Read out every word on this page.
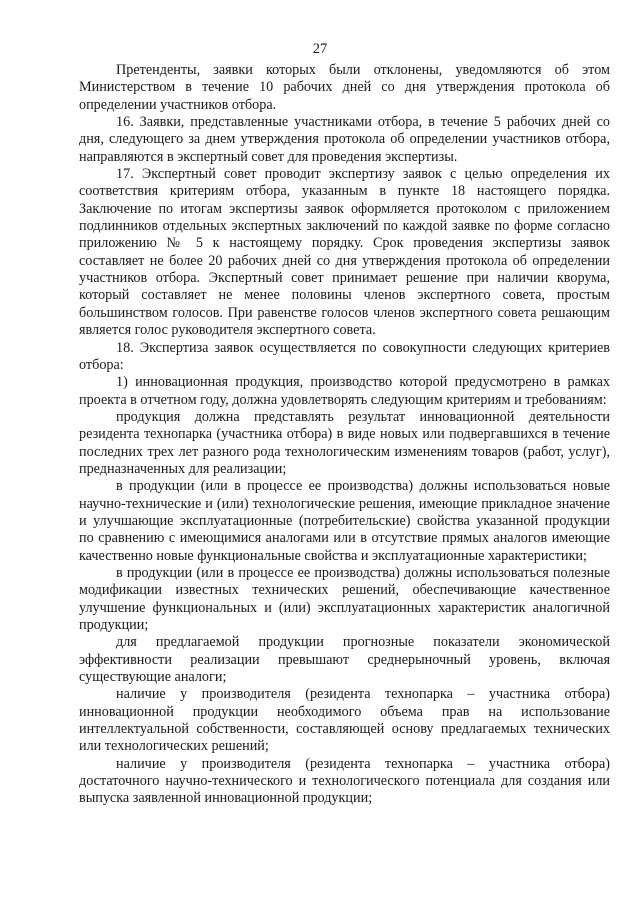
27

Претенденты, заявки которых были отклонены, уведомляются об этом Министерством в течение 10 рабочих дней со дня утверждения протокола об определении участников отбора.

16. Заявки, представленные участниками отбора, в течение 5 рабочих дней со дня, следующего за днем утверждения протокола об определении участников отбора, направляются в экспертный совет для проведения экспертизы.

17. Экспертный совет проводит экспертизу заявок с целью определения их соответствия критериям отбора, указанным в пункте 18 настоящего порядка. Заключение по итогам экспертизы заявок оформляется протоколом с приложением подлинников отдельных экспертных заключений по каждой заявке по форме согласно приложению № 5 к настоящему порядку. Срок проведения экспертизы заявок составляет не более 20 рабочих дней со дня утверждения протокола об определении участников отбора. Экспертный совет принимает решение при наличии кворума, который составляет не менее половины членов экспертного совета, простым большинством голосов. При равенстве голосов членов экспертного совета решающим является голос руководителя экспертного совета.

18. Экспертиза заявок осуществляется по совокупности следующих критериев отбора:

1) инновационная продукция, производство которой предусмотрено в рамках проекта в отчетном году, должна удовлетворять следующим критериям и требованиям:

продукция должна представлять результат инновационной деятельности резидента технопарка (участника отбора) в виде новых или подвергавшихся в течение последних трех лет разного рода технологическим изменениям товаров (работ, услуг), предназначенных для реализации;

в продукции (или в процессе ее производства) должны использоваться новые научно-технические и (или) технологические решения, имеющие прикладное значение и улучшающие эксплуатационные (потребительские) свойства указанной продукции по сравнению с имеющимися аналогами или в отсутствие прямых аналогов имеющие качественно новые функциональные свойства и эксплуатационные характеристики;

в продукции (или в процессе ее производства) должны использоваться полезные модификации известных технических решений, обеспечивающие качественное улучшение функциональных и (или) эксплуатационных характеристик аналогичной продукции;

для предлагаемой продукции прогнозные показатели экономической эффективности реализации превышают среднерыночный уровень, включая существующие аналоги;

наличие у производителя (резидента технопарка – участника отбора) инновационной продукции необходимого объема прав на использование интеллектуальной собственности, составляющей основу предлагаемых технических или технологических решений;

наличие у производителя (резидента технопарка – участника отбора) достаточного научно-технического и технологического потенциала для создания или выпуска заявленной инновационной продукции;
